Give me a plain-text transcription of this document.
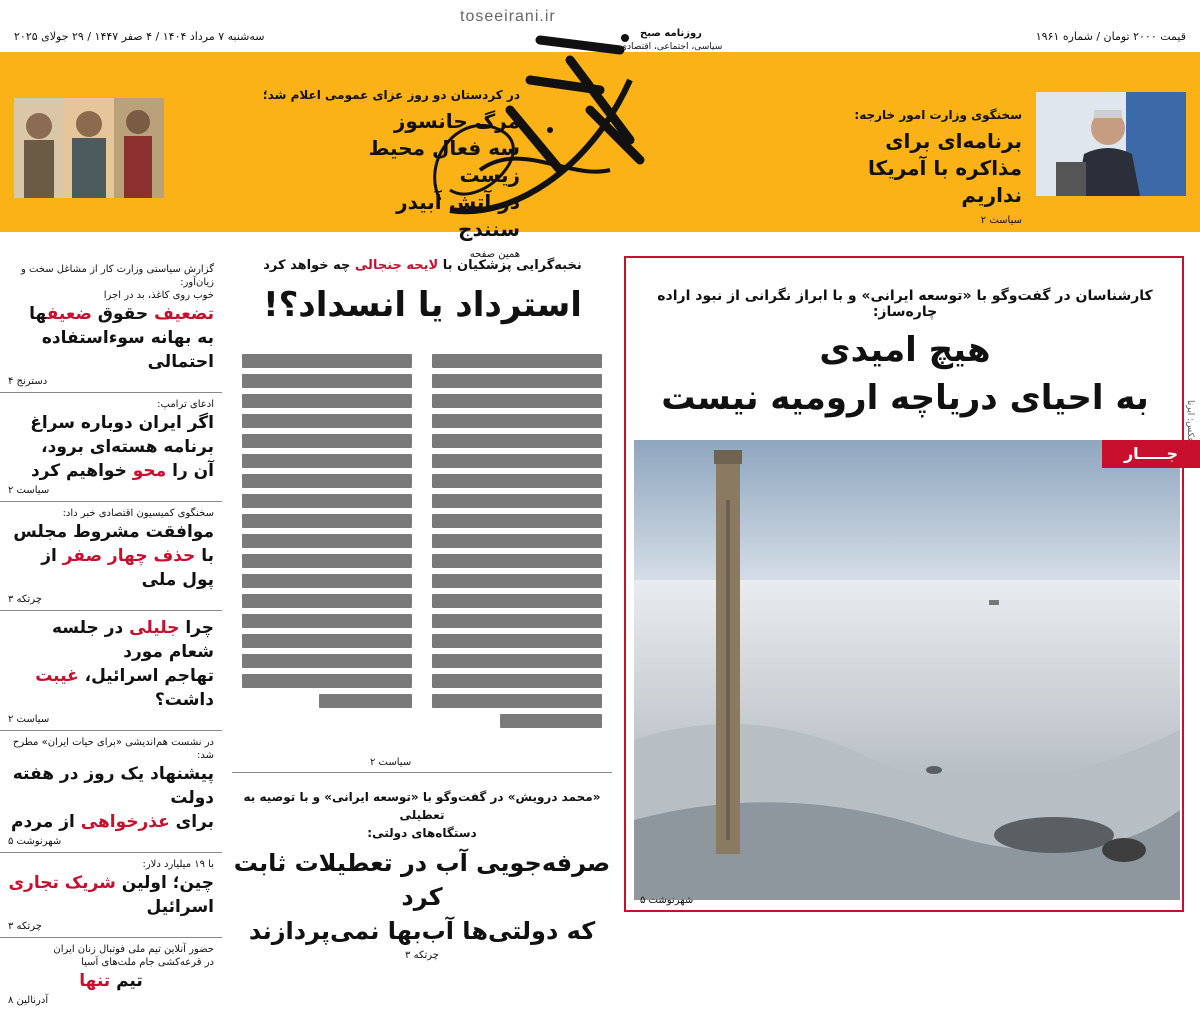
سه‌شنبه ۷ مرداد ۱۴۰۴ / ۴ صفر ۱۴۴۷ / ۲۹ جولای ۲۰۲۵	قیمت ۲۰۰۰ تومان / شماره ۱۹۶۱
toseeirani.ir
روزنامه صبح
سیاسی، اجتماعی، اقتصادی
در کردستان دو روز عزای عمومی اعلام شد؛
مرگ جانسوز
سه فعال محیط زیست
در آتش آبیدر سنندج
همین صفحه
سخنگوی وزارت امور خارجه:
برنامه‌ای برای
مذاکره با آمریکا نداریم
سیاست ۲
گزارش سیاستی وزارت کار از مشاغل سخت و زیان‌آور:
خوب روی کاغذ، بد در اجرا
تضعیف حقوق ضعیفها
به بهانه سوءاستفاده احتمالی
دسترنج ۴
ادعای ترامپ:
اگر ایران دوباره سراغ
برنامه هسته‌ای برود،
آن را محو خواهیم کرد
سیاست ۲
سخنگوی کمیسیون اقتصادی خبر داد:
موافقت مشروط مجلس
با حذف چهار صفر از پول ملی
چرتکه ۳
چرا جلیلی در جلسه شعام مورد
تهاجم اسرائیل، غیبت داشت؟
سیاست ۲
در نشست هم‌اندیشی «برای حیات ایران» مطرح شد:
پیشنهاد یک روز در هفته دولت
برای عذرخواهی از مردم
شهرنوشت ۵
با ۱۹ میلیارد دلار:
چین؛ اولین شریک تجاری اسرائیل
چرتکه ۳
حضور آنلاین تیم ملی فوتبال زنان ایران
در قرعه‌کشی جام ملت‌های آسیا
تیم تنها
آدرنالین ۸
نخبه‌گرایی پزشکیان با لایحه جنجالی چه خواهد کرد
استرداد یا انسداد؟!
سیاست ۲
«محمد درویش» در گفت‌وگو با «توسعه ایرانی» و با توصیه به تعطیلی
دستگاه‌های دولتی:
صرفه‌جویی آب در تعطیلات ثابت کرد
که دولتی‌ها آب‌بها نمی‌پردازند
چرتکه ۳
کارشناسان در گفت‌وگو با «توسعه ایرانی» و با ابراز نگرانی از نبود اراده چاره‌ساز:
هیچ امیدی
به احیای دریاچه ارومیه نیست
جـــــار
شهرنوشت ۵
عکس: ایرنا
